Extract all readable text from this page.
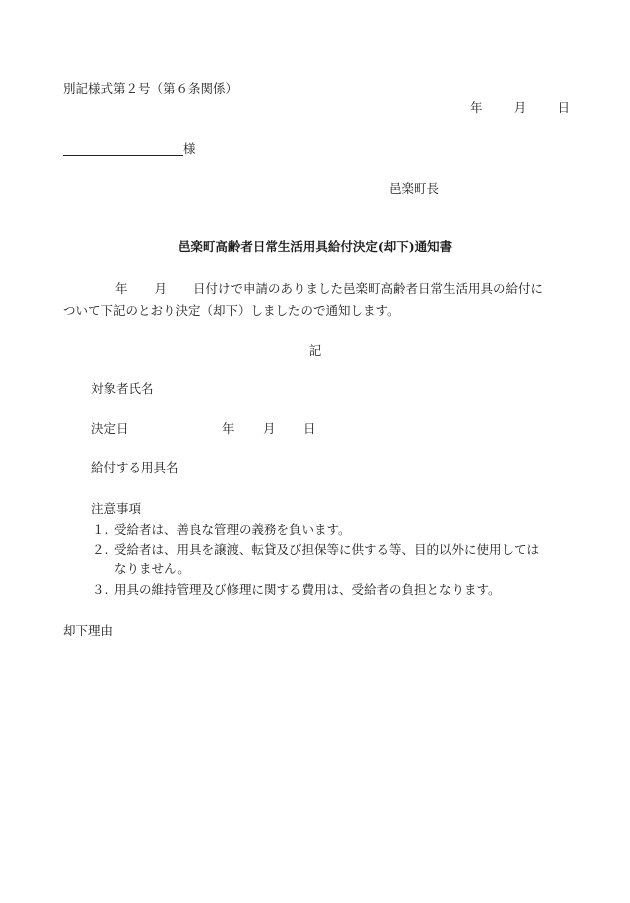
別記様式第２号（第６条関係）
年 月 日
様
邑楽町長
邑楽町高齢者日常生活用具給付決定(却下)通知書
年 月 日付けで申請のありました邑楽町高齢者日常生活用具の給付に
ついて下記のとおり決定（却下）しましたので通知します。
記
対象者氏名
決定日	年 月 日
給付する用具名
注意事項
１. 受給者は、善良な管理の義務を負います。
２. 受給者は、用具を譲渡、転貸及び担保等に供する等、目的以外に使用しては
なりません。
３. 用具の維持管理及び修理に関する費用は、受給者の負担となります。
却下理由
